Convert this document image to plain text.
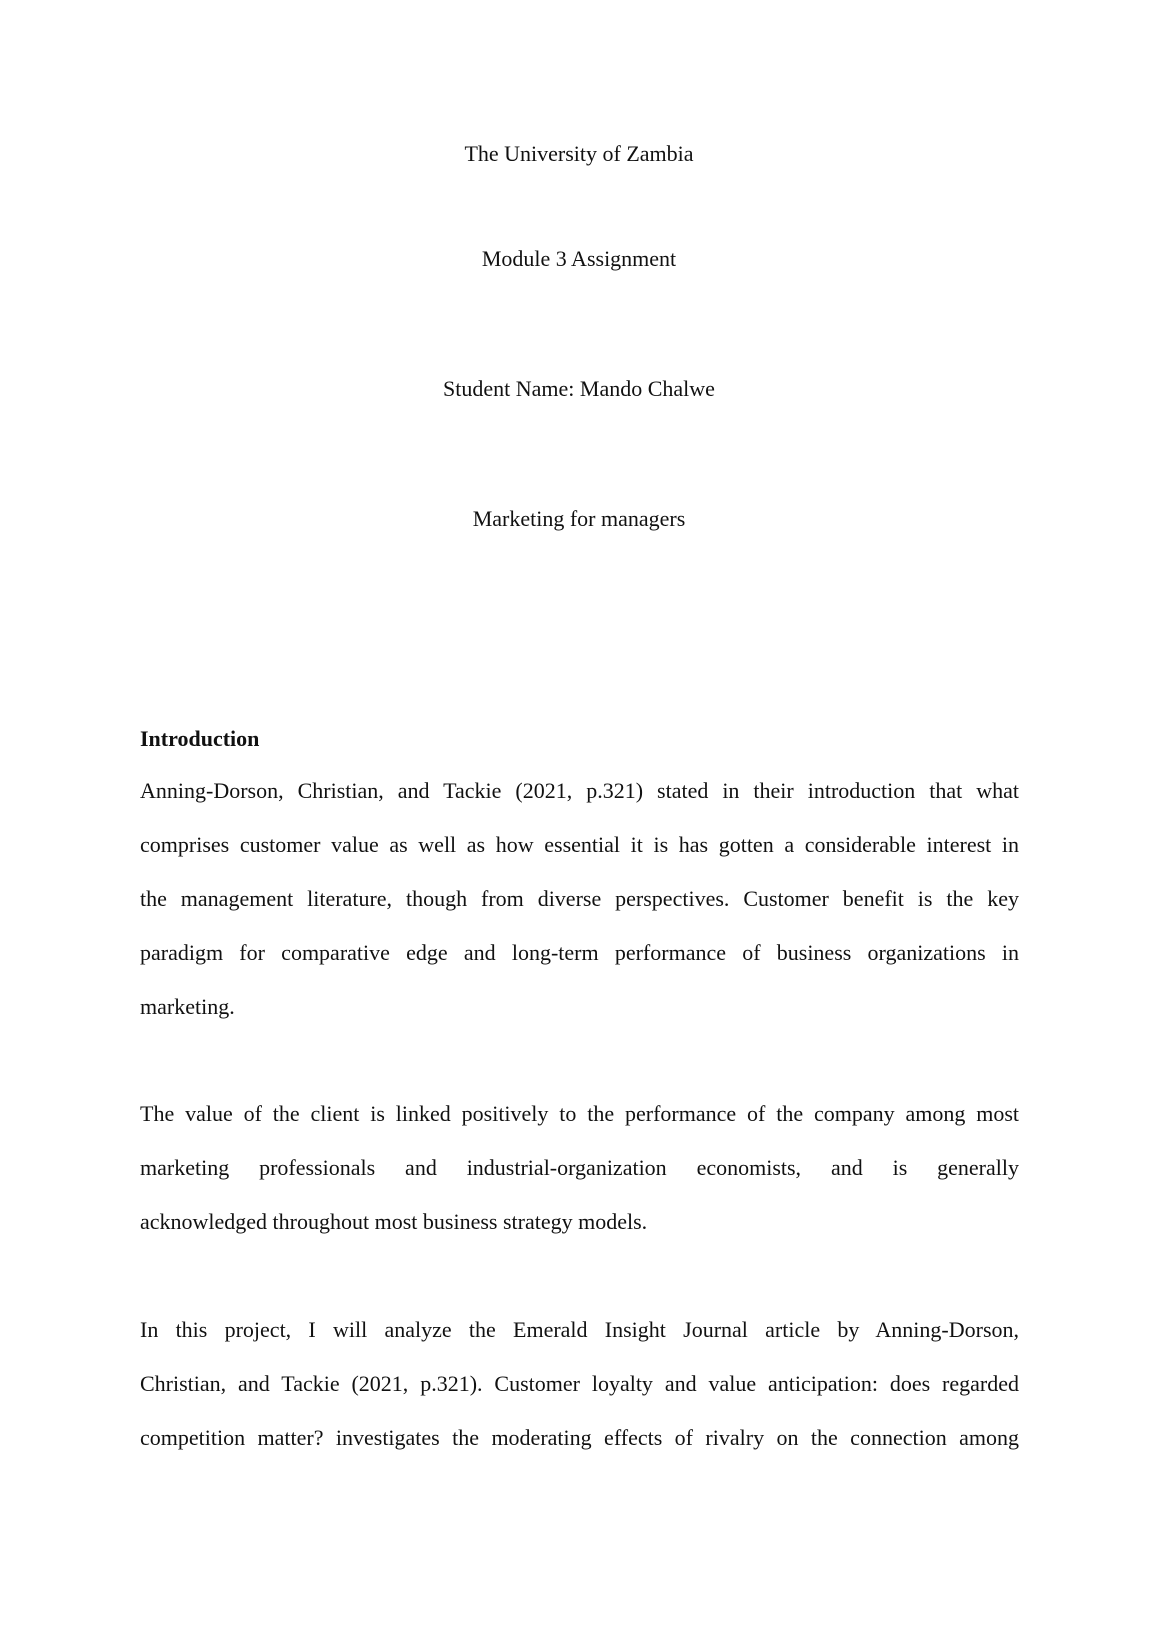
The University of Zambia
Module 3 Assignment
Student Name: Mando Chalwe
Marketing for managers
Introduction
Anning-Dorson, Christian, and Tackie (2021, p.321) stated in their introduction that what
comprises customer value as well as how essential it is has gotten a considerable interest in
the management literature, though from diverse perspectives. Customer benefit is the key
paradigm for comparative edge and long-term performance of business organizations in
marketing.
The value of the client is linked positively to the performance of the company among most
marketing professionals and industrial-organization economists, and is generally
acknowledged throughout most business strategy models.
In this project, I will analyze the Emerald Insight Journal article by Anning-Dorson,
Christian, and Tackie (2021, p.321). Customer loyalty and value anticipation: does regarded
competition matter? investigates the moderating effects of rivalry on the connection among
